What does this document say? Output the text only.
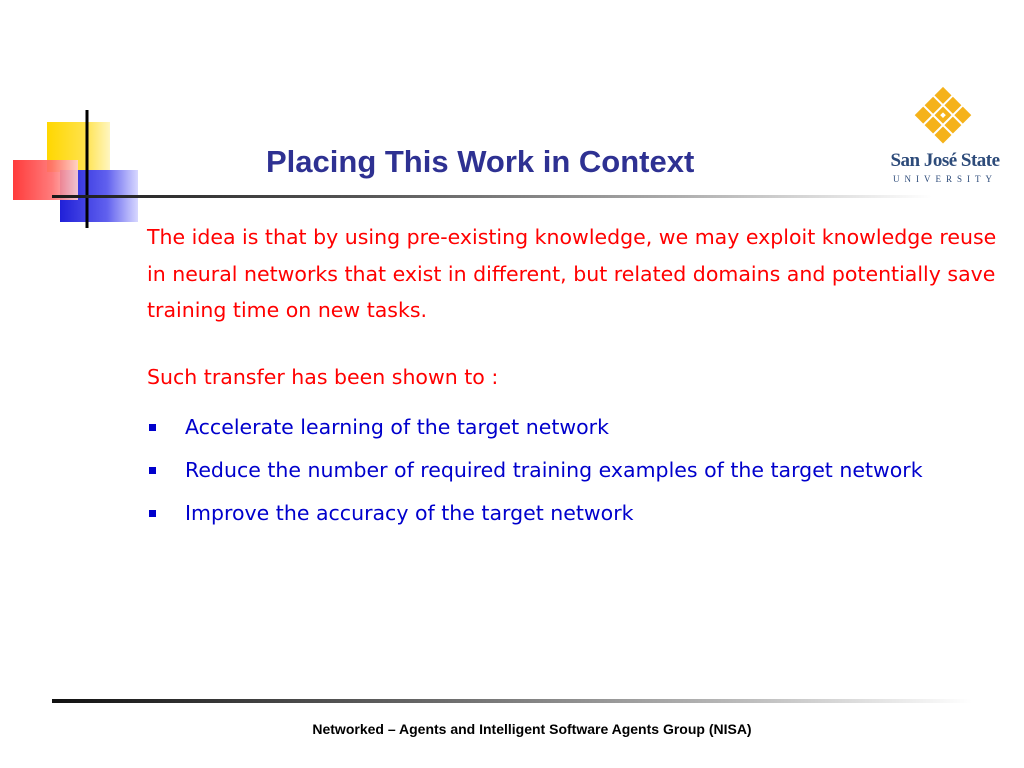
Placing This Work in Context	San José State
UNIVERSITY
The idea is that by using pre-existing knowledge, we may exploit knowledge reuse in neural networks that exist in different, but related domains and potentially save training time on new tasks.
Such transfer has been shown to :
Accelerate learning of the target network
Reduce the number of required training examples of the target network
Improve the accuracy of the target network
Networked – Agents and Intelligent Software Agents Group (NISA)
